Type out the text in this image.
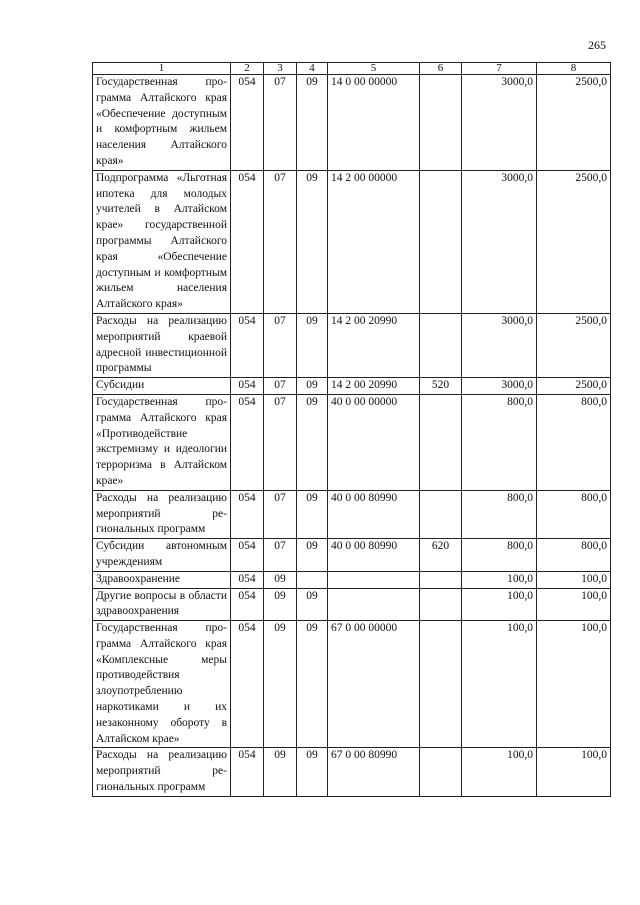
265
1	2	3	4	5	6	7	8
Государственная программа Алтайского края «Обеспечение доступным и комфортным жильем населения Алтайского края»	054	07	09	14 0 00 00000		3000,0	2500,0
Подпрограмма «Льготная ипотека для молодых учителей в Алтайском крае» государственной программы Алтайского края «Обеспечение доступным и комфортным жильем населения Алтайского края»	054	07	09	14 2 00 00000		3000,0	2500,0
Расходы на реализацию мероприятий краевой адресной инвестиционной программы	054	07	09	14 2 00 20990		3000,0	2500,0
Субсидии	054	07	09	14 2 00 20990	520	3000,0	2500,0
Государственная программа Алтайского края «Противодействие экстремизму и идеологии терроризма в Алтайском крае»	054	07	09	40 0 00 00000		800,0	800,0
Расходы на реализацию мероприятий региональных программ	054	07	09	40 0 00 80990		800,0	800,0
Субсидии автономным учреждениям	054	07	09	40 0 00 80990	620	800,0	800,0
Здравоохранение	054	09				100,0	100,0
Другие вопросы в области здравоохранения	054	09	09			100,0	100,0
Государственная программа Алтайского края «Комплексные меры противодействия злоупотреблению наркотиками и их незаконному обороту в Алтайском крае»	054	09	09	67 0 00 00000		100,0	100,0
Расходы на реализацию мероприятий региональных программ	054	09	09	67 0 00 80990		100,0	100,0
